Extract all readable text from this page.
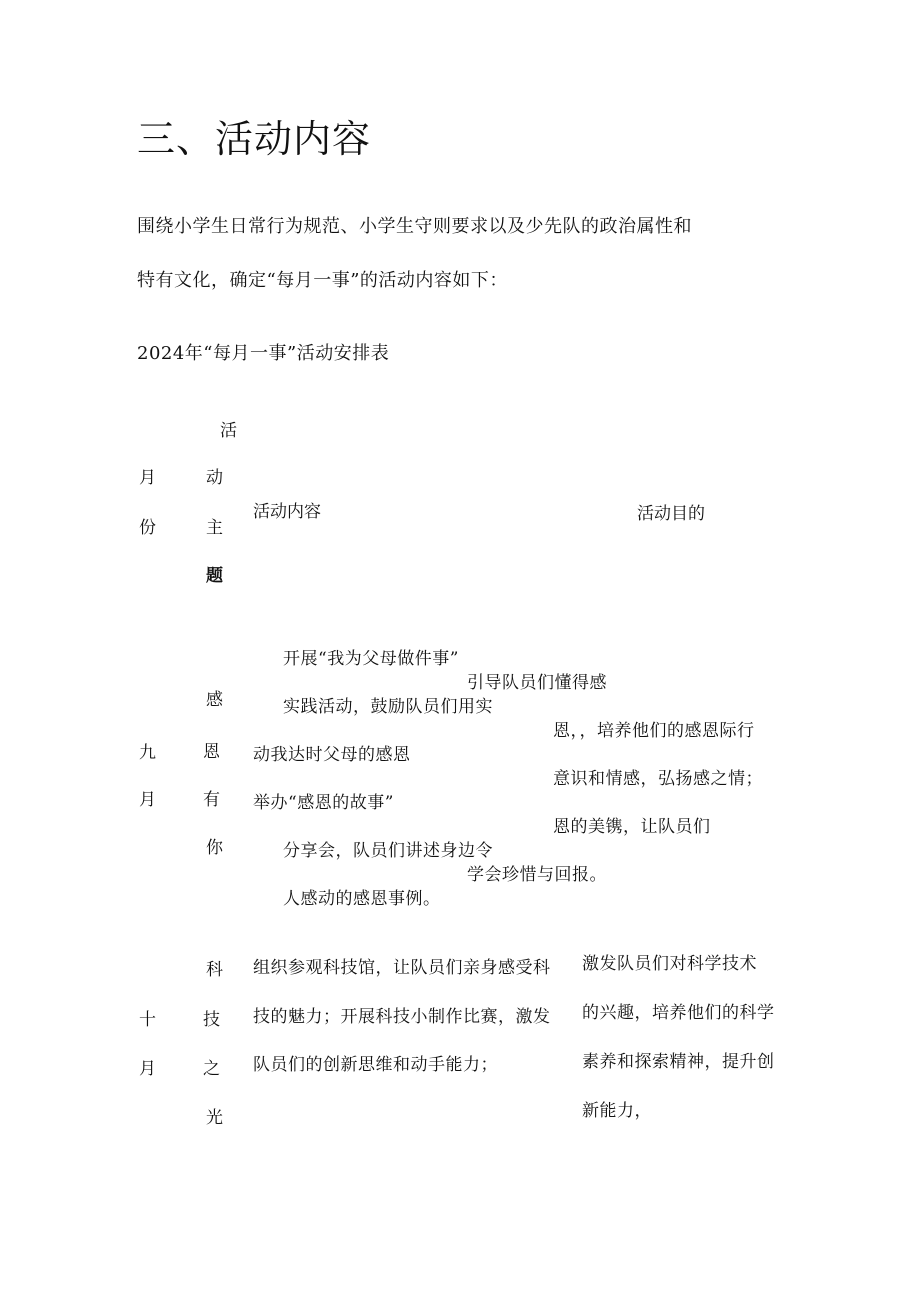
三、活动内容
围绕小学生日常行为规范、小学生守则要求以及少先队的政治属性和
特有文化，确定“每月一事”的活动内容如下：
2024年“每月一事”活动安排表
月
份
活
动
主
题
活动内容	活动目的
九
月
感
恩
有
你
开展“我为父母做件事”
实践活动，鼓励队员们用实
动我达时父母的感恩
举办“感恩的故事”
分享会，队员们讲述身边令
人感动的感恩事例。
引导队员们懂得感
恩，，培养他们的感恩际行
意识和情感，弘扬感之情；
恩的美镌，让队员们
学会珍惜与回报。
十
月
科
技
之
光
组织参观科技馆，让队员们亲身感受科
技的魅力；开展科技小制作比赛，激发
队员们的创新思维和动手能力；
激发队员们对科学技术
的兴趣，培养他们的科学
素养和探索精神，提升创
新能力，
